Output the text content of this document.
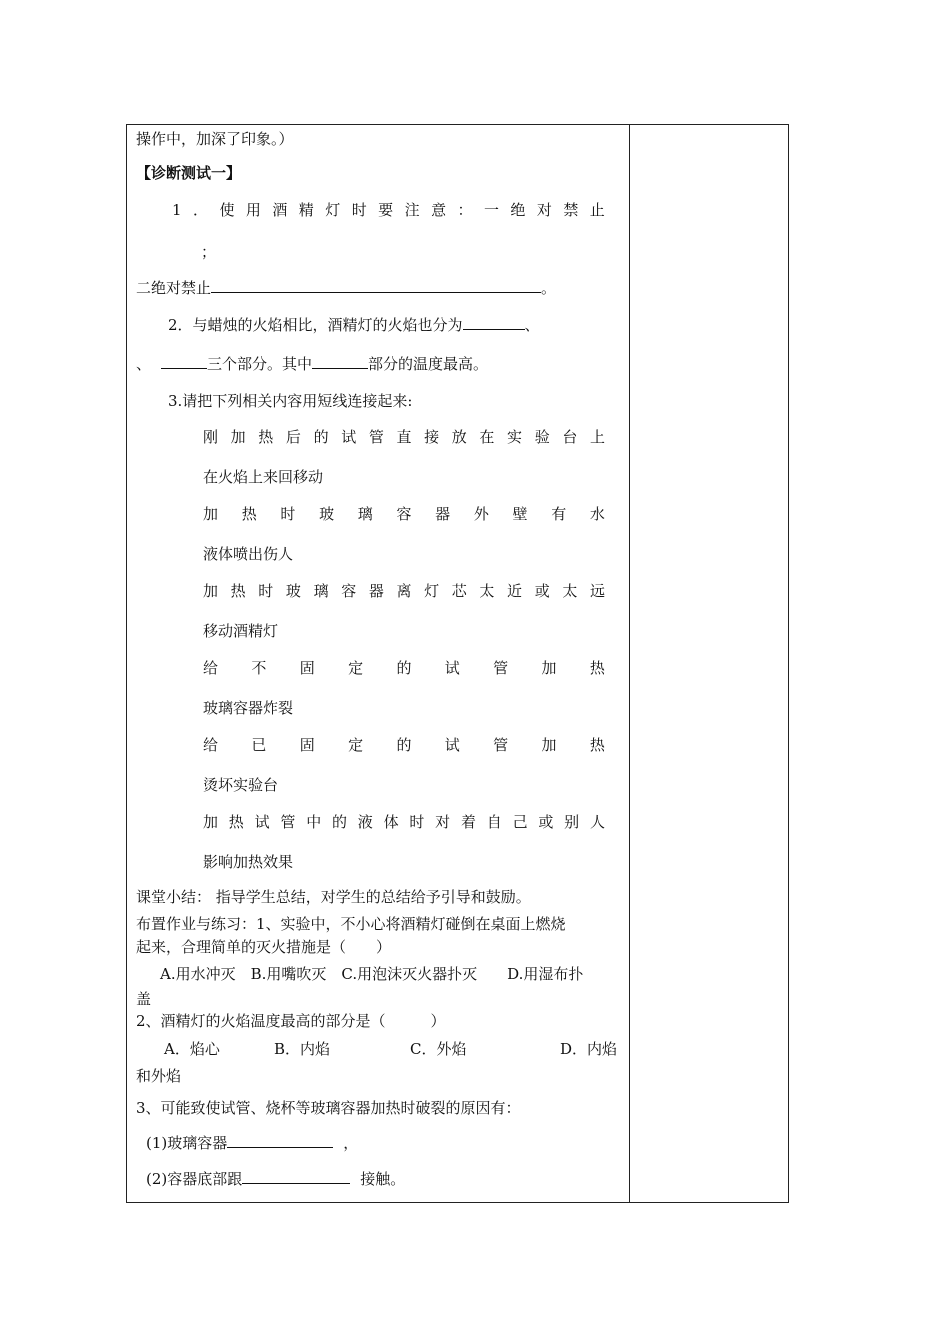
操作中，加深了印象。）
【诊断测试一】
1 ． 使 用 酒 精 灯 时 要 注 意 ： 一 绝 对 禁 止
；
二绝对禁止	。
2．与蜡烛的火焰相比，酒精灯的火焰也分为	、
、	三个部分。其中	部分的温度最高。
3.请把下列相关内容用短线连接起来:
刚 加 热 后 的 试 管 直 接 放 在 实 验 台 上
在火焰上来回移动
加 热 时 玻 璃 容 器 外 壁 有 水
液体喷出伤人
加 热 时 玻 璃 容 器 离 灯 芯 太 近 或 太 远
移动酒精灯
给 不 固 定 的 试 管 加 热
玻璃容器炸裂
给 已 固 定 的 试 管 加 热
烫坏实验台
加 热 试 管 中 的 液 体 时 对 着 自 己 或 别 人
影响加热效果
课堂小结： 指导学生总结，对学生的总结给予引导和鼓励。
布置作业与练习：1、实验中，不小心将酒精灯碰倒在桌面上燃烧
起来，合理简单的灭火措施是（　　）
A.用水冲灭　B.用嘴吹灭　C.用泡沫灭火器扑灭　　D.用湿布扑
盖
2、酒精灯的火焰温度最高的部分是（　　　）
A．焰心	B．内焰	C．外焰	D．内焰
和外焰
3、可能致使试管、烧杯等玻璃容器加热时破裂的原因有：
(1)玻璃容器	，
(2)容器底部跟	接触。
